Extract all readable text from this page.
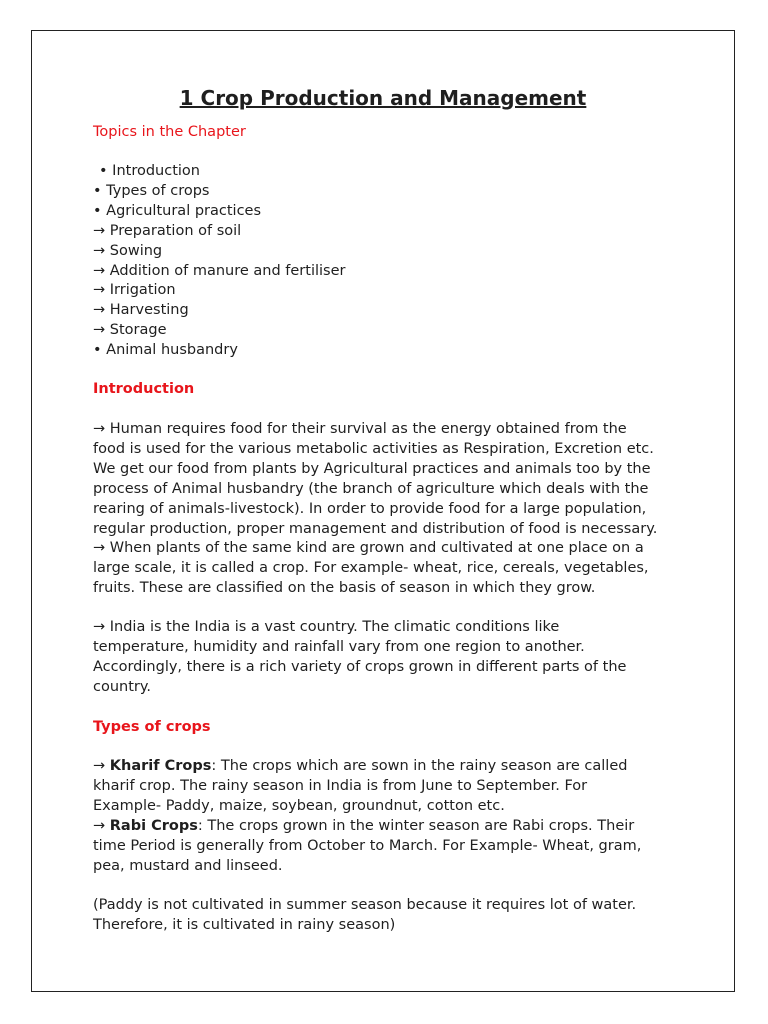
1 Crop Production and Management

Topics in the Chapter

• Introduction
• Types of crops
• Agricultural practices
→ Preparation of soil
→ Sowing
→ Addition of manure and fertiliser
→ Irrigation
→ Harvesting
→ Storage
• Animal husbandry

Introduction

→ Human requires food for their survival as the energy obtained from the
food is used for the various metabolic activities as Respiration, Excretion etc.
We get our food from plants by Agricultural practices and animals too by the
process of Animal husbandry (the branch of agriculture which deals with the
rearing of animals-livestock). In order to provide food for a large population,
regular production, proper management and distribution of food is necessary.
→ When plants of the same kind are grown and cultivated at one place on a
large scale, it is called a crop. For example- wheat, rice, cereals, vegetables,
fruits. These are classified on the basis of season in which they grow.
→ India is the India is a vast country. The climatic conditions like
temperature, humidity and rainfall vary from one region to another.
Accordingly, there is a rich variety of crops grown in different parts of the
country.

Types of crops

→ Kharif Crops: The crops which are sown in the rainy season are called
kharif crop. The rainy season in India is from June to September. For
Example- Paddy, maize, soybean, groundnut, cotton etc.
→ Rabi Crops: The crops grown in the winter season are Rabi crops. Their
time Period is generally from October to March. For Example- Wheat, gram,
pea, mustard and linseed.
(Paddy is not cultivated in summer season because it requires lot of water.
Therefore, it is cultivated in rainy season)
